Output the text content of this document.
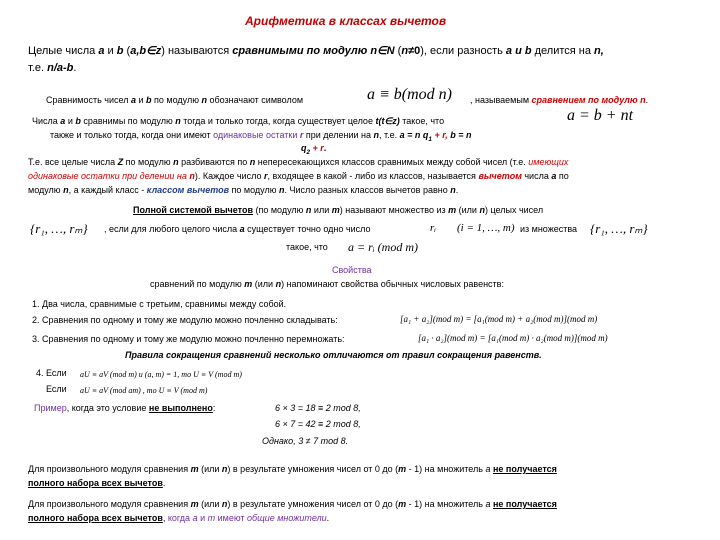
Арифметика в классах вычетов
Целые числа a и b (a,b∈z) называются сравнимыми по модулю n∈N (n≠0), если разность a и b делится на n,
т.е. n/a-b.
Сравнимость чисел a и b по модулю n обозначают символом	a ≡ b(mod n) , называемым сравнением по модулю n.
Числа a и b сравнимы по модулю n тогда и только тогда, когда существует целое t(t∈z) такое, что	a = b + nt
также и только тогда, когда они имеют одинаковые остатки r при делении на n, т.е. a = n $q_1 + r$, b = n
$q_2 + r$.
Т.е. все целые числа Z по модулю n разбиваются по n непересекающихся классов сравнимых между собой чисел (т.е. имеющих
одинаковые остатки при делении на n). Каждое число r, входящее в какой - либо из классов, называется вычетом числа a по
модулю n, а каждый класс - классом вычетов по модулю n. Число разных классов вычетов равно n.
Полной системой вычетов (по модулю n или m) называют множество из m (или n) целых чисел
{r₁, …, rₘ} , если для любого целого числа a существует точно одно число	rᵢ (i = 1, …, m) из множества {r₁, …, rₘ}
такое, что a = rᵢ (mod m)
Свойства
сравнений по модулю m (или n) напоминают свойства обычных числовых равенств:
1. Два числа, сравнимые с третьим, сравнимы между собой.
2. Сравнения по одному и тому же модулю можно почленно складывать:	[a₁ + a₂](mod m) = [a₁(mod m) + a₂(mod m)](mod m)
3. Сравнения по одному и тому же модулю можно почленно перемножать:	[a₁ · a₂](mod m) = [a₁(mod m) · a₂(mod m)](mod m)
Правила сокращения сравнений несколько отличаются от правил сокращения равенств.
4. Если aU ≡ aV (mod m) и (a, m) = 1, то U ≡ V (mod m)
Если aU ≡ aV (mod am) , то U ≡ V (mod m)
Пример, когда это условие не выполнено:	6 × 3 = 18 ≡ 2 mod 8,
6 × 7 = 42 ≡ 2 mod 8,
Однако, 3 ≠ 7 mod 8.
Для произвольного модуля сравнения m (или n) в результате умножения чисел от 0 до (m - 1) на множитель a не получается
полного набора всех вычетов.
Для произвольного модуля сравнения m (или n) в результате умножения чисел от 0 до (m - 1) на множитель a не получается
полного набора всех вычетов, когда a и m имеют общие множители.
